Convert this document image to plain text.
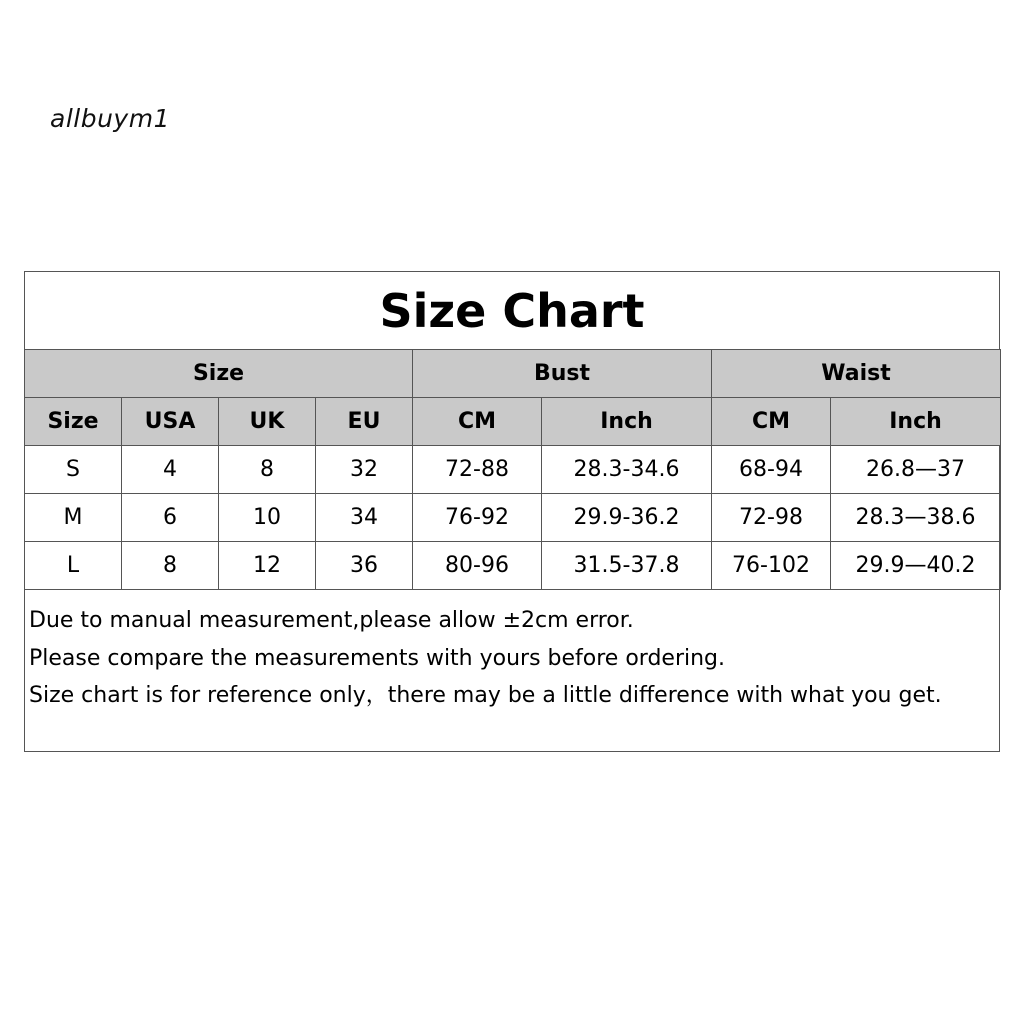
allbuym1
Size Chart
Size				Bust		Waist	
Size	USA	UK	EU	CM	Inch	CM	Inch
S	4	8	32	72-88	28.3-34.6	68-94	26.8—37
M	6	10	34	76-92	29.9-36.2	72-98	28.3—38.6
L	8	12	36	80-96	31.5-37.8	76-102	29.9—40.2

Due to manual measurement,please allow ±2cm error.

Please compare the measurements with yours before ordering.

Size chart is for reference only，there may be a little difference with what you get.
